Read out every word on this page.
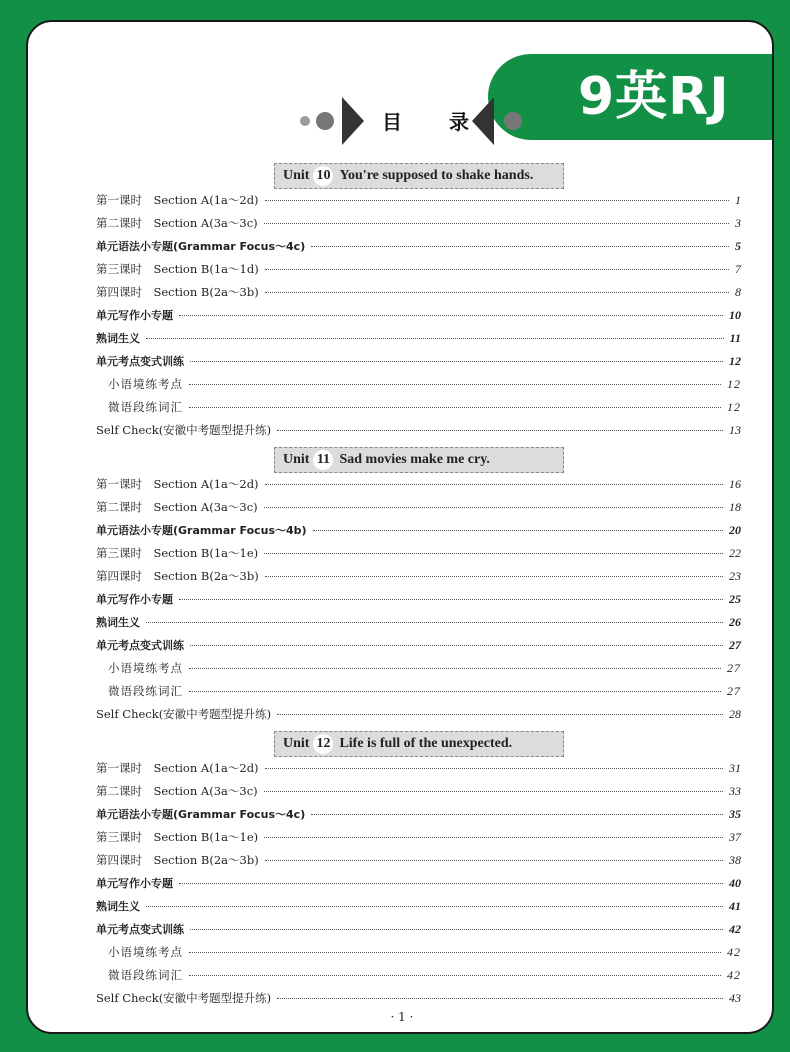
9英RJ
目 录
Unit 10 You're supposed to shake hands.
第一课时　Section A(1a～2d)	1
第二课时　Section A(3a～3c)	3
单元语法小专题(Grammar Focus～4c)	5
第三课时　Section B(1a～1d)	7
第四课时　Section B(2a～3b)	8
单元写作小专题	10
熟词生义	11
单元考点变式训练	12
小语境练考点	12
微语段练词汇	12
Self Check(安徽中考题型提升练)	13
Unit 11 Sad movies make me cry.
第一课时　Section A(1a～2d)	16
第二课时　Section A(3a～3c)	18
单元语法小专题(Grammar Focus～4b)	20
第三课时　Section B(1a～1e)	22
第四课时　Section B(2a～3b)	23
单元写作小专题	25
熟词生义	26
单元考点变式训练	27
小语境练考点	27
微语段练词汇	27
Self Check(安徽中考题型提升练)	28
Unit 12 Life is full of the unexpected.
第一课时　Section A(1a～2d)	31
第二课时　Section A(3a～3c)	33
单元语法小专题(Grammar Focus～4c)	35
第三课时　Section B(1a～1e)	37
第四课时　Section B(2a～3b)	38
单元写作小专题	40
熟词生义	41
单元考点变式训练	42
小语境练考点	42
微语段练词汇	42
Self Check(安徽中考题型提升练)	43
· 1 ·
